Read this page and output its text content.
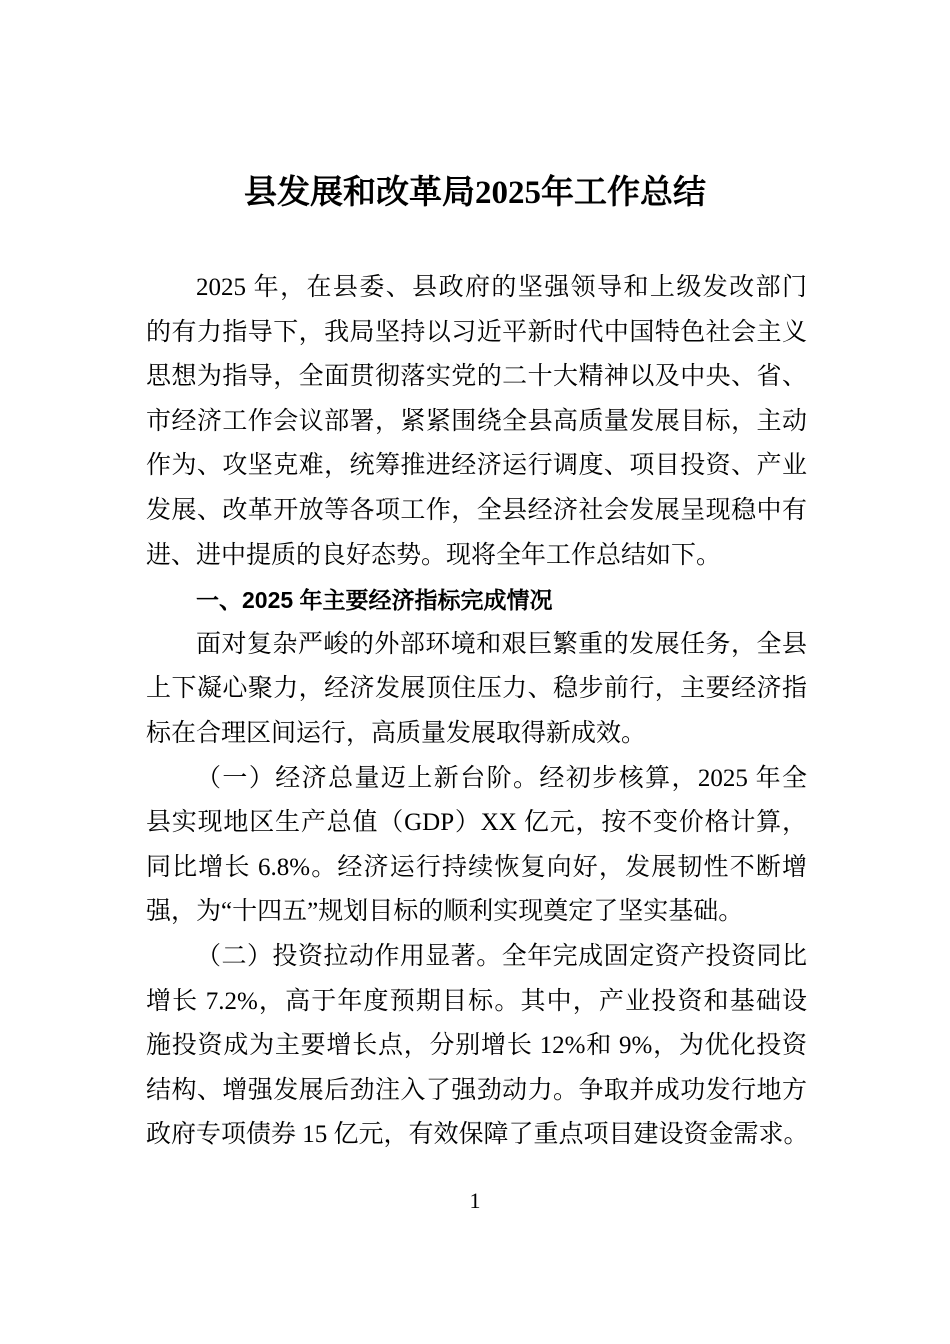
县发展和改革局2025年工作总结
2025 年，在县委、县政府的坚强领导和上级发改部门
的有力指导下，我局坚持以习近平新时代中国特色社会主义
思想为指导，全面贯彻落实党的二十大精神以及中央、省、
市经济工作会议部署，紧紧围绕全县高质量发展目标，主动
作为、攻坚克难，统筹推进经济运行调度、项目投资、产业
发展、改革开放等各项工作，全县经济社会发展呈现稳中有
进、进中提质的良好态势。现将全年工作总结如下。
一、2025 年主要经济指标完成情况
面对复杂严峻的外部环境和艰巨繁重的发展任务，全县
上下凝心聚力，经济发展顶住压力、稳步前行，主要经济指
标在合理区间运行，高质量发展取得新成效。
（一）经济总量迈上新台阶。经初步核算，2025 年全
县实现地区生产总值（GDP）XX 亿元，按不变价格计算，
同比增长 6.8%。经济运行持续恢复向好，发展韧性不断增
强，为“十四五”规划目标的顺利实现奠定了坚实基础。
（二）投资拉动作用显著。全年完成固定资产投资同比
增长 7.2%，高于年度预期目标。其中，产业投资和基础设
施投资成为主要增长点，分别增长 12%和 9%，为优化投资
结构、增强发展后劲注入了强劲动力。争取并成功发行地方
政府专项债券 15 亿元，有效保障了重点项目建设资金需求。
1
